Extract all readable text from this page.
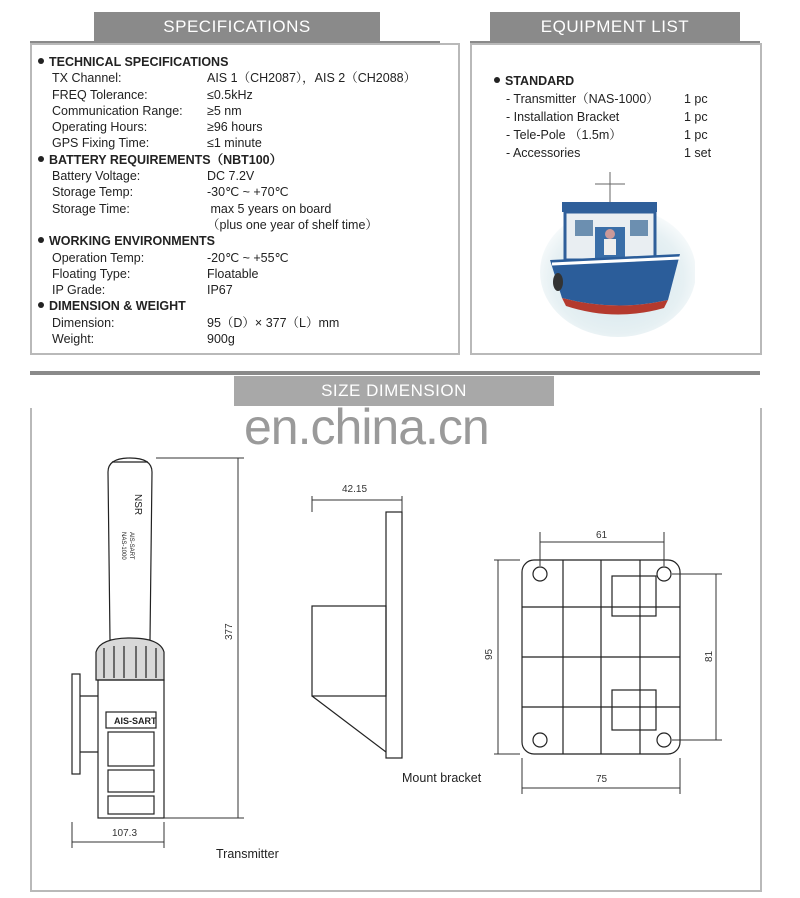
SPECIFICATIONS	EQUIPMENT LIST
TECHNICAL SPECIFICATIONS
TX Channel:	AIS 1（CH2087），AIS 2（CH2088）
FREQ Tolerance:	≤0.5kHz
Communication Range: ≥5 nm
Operating Hours:	≥96 hours
GPS Fixing Time:	≤1 minute
BATTERY REQUIREMENTS（NBT100）
Battery Voltage:	DC 7.2V
Storage Temp:	-30℃ ~ +70℃
Storage Time:	max 5 years on board
（plus one year of shelf time）
WORKING ENVIRONMENTS
Operation Temp:	-20℃ ~ +55℃
Floating Type:	Floatable
IP Grade:	IP67
DIMENSION & WEIGHT
Dimension:	95（D）× 377（L）mm
Weight:	900g
STANDARD
- Transmitter（NAS-1000） 1 pc
- Installation Bracket	1 pc
- Tele-Pole （1.5m）	1 pc
- Accessories	1 set
SIZE DIMENSION
en.china.cn
NSR
NAS-1000 AIS-SART
AIS-SART
377
107.3
Transmitter
42.15
Mount bracket
61
95	81
75
